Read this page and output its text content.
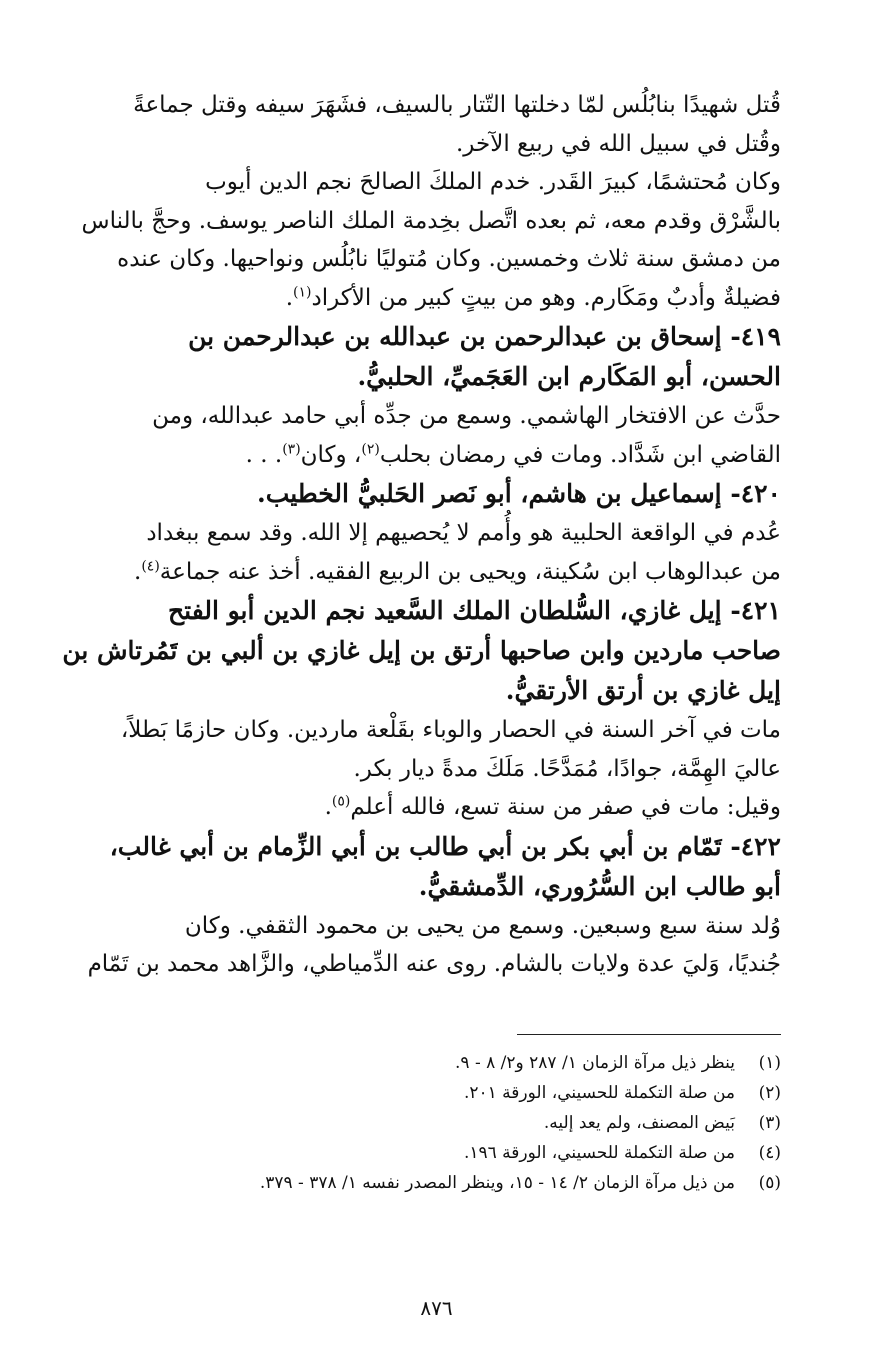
قُتل شهيدًا بنابُلُس لمّا دخلتها التّتار بالسيف، فشَهَرَ سيفه وقتل جماعةً
وقُتل في سبيل الله في ربيع الآخر.

وكان مُحتشمًا، كبيرَ القَدر. خدم الملكَ الصالحَ نجم الدين أيوب
بالشَّرْق وقدم معه، ثم بعده اتَّصل بخِدمة الملك الناصر يوسف. وحجَّ بالناس
من دمشق سنة ثلاث وخمسين. وكان مُتوليًا نابُلُس ونواحيها. وكان عنده
فضيلةٌ وأدبٌ ومَكَارم. وهو من بيتٍ كبير من الأكراد$^{(١)}$.

٤١٩- إسحاق بن عبدالرحمن بن عبدالله بن عبدالرحمن بن
الحسن، أبو المَكَارم ابن العَجَميِّ، الحلبيُّ.

حدَّث عن الافتخار الهاشمي. وسمع من جدِّه أبي حامد عبدالله، ومن
القاضي ابن شَدَّاد. ومات في رمضان بحلب$^{(٢)}$، وكان$^{(٣)}$. . .

٤٢٠- إسماعيل بن هاشم، أبو نَصر الحَلبيُّ الخطيب.

عُدم في الواقعة الحلبية هو وأُمم لا يُحصيهم إلا الله. وقد سمع ببغداد
من عبدالوهاب ابن سُكينة، ويحيى بن الربيع الفقيه. أخذ عنه جماعة$^{(٤)}$.

٤٢١- إيل غازي، السُّلطان الملك السَّعيد نجم الدين أبو الفتح
صاحب ماردين وابن صاحبها أرتق بن إيل غازي بن ألبي بن تَمُرتاش بن
إيل غازي بن أرتق الأرتقيُّ.

مات في آخر السنة في الحصار والوباء بقَلْعة ماردين. وكان حازمًا بَطلاً،
عاليَ الهِمَّة، جوادًا، مُمَدَّحًا. مَلَكَ مدةً ديار بكر.
وقيل: مات في صفر من سنة تسع، فالله أعلم$^{(٥)}$.

٤٢٢- تَمّام بن أبي بكر بن أبي طالب بن أبي الزِّمام بن أبي غالب،
أبو طالب ابن السُّرُوري، الدِّمشقيُّ.

وُلد سنة سبع وسبعين. وسمع من يحيى بن محمود الثقفي. وكان
جُنديًا، وَليَ عدة ولايات بالشام. روى عنه الدِّمياطي، والزَّاهد محمد بن تَمّام

(١)
ينظر ذيل مرآة الزمان ١/ ٢٨٧ و٢/ ٨ - ٩.
(٢)
من صلة التكملة للحسيني، الورقة ٢٠١.
(٣)
بَيض المصنف، ولم يعد إليه.
(٤)
من صلة التكملة للحسيني، الورقة ١٩٦.
(٥)
من ذيل مرآة الزمان ٢/ ١٤ - ١٥، وينظر المصدر نفسه ١/ ٣٧٨ - ٣٧٩.
٨٧٦
